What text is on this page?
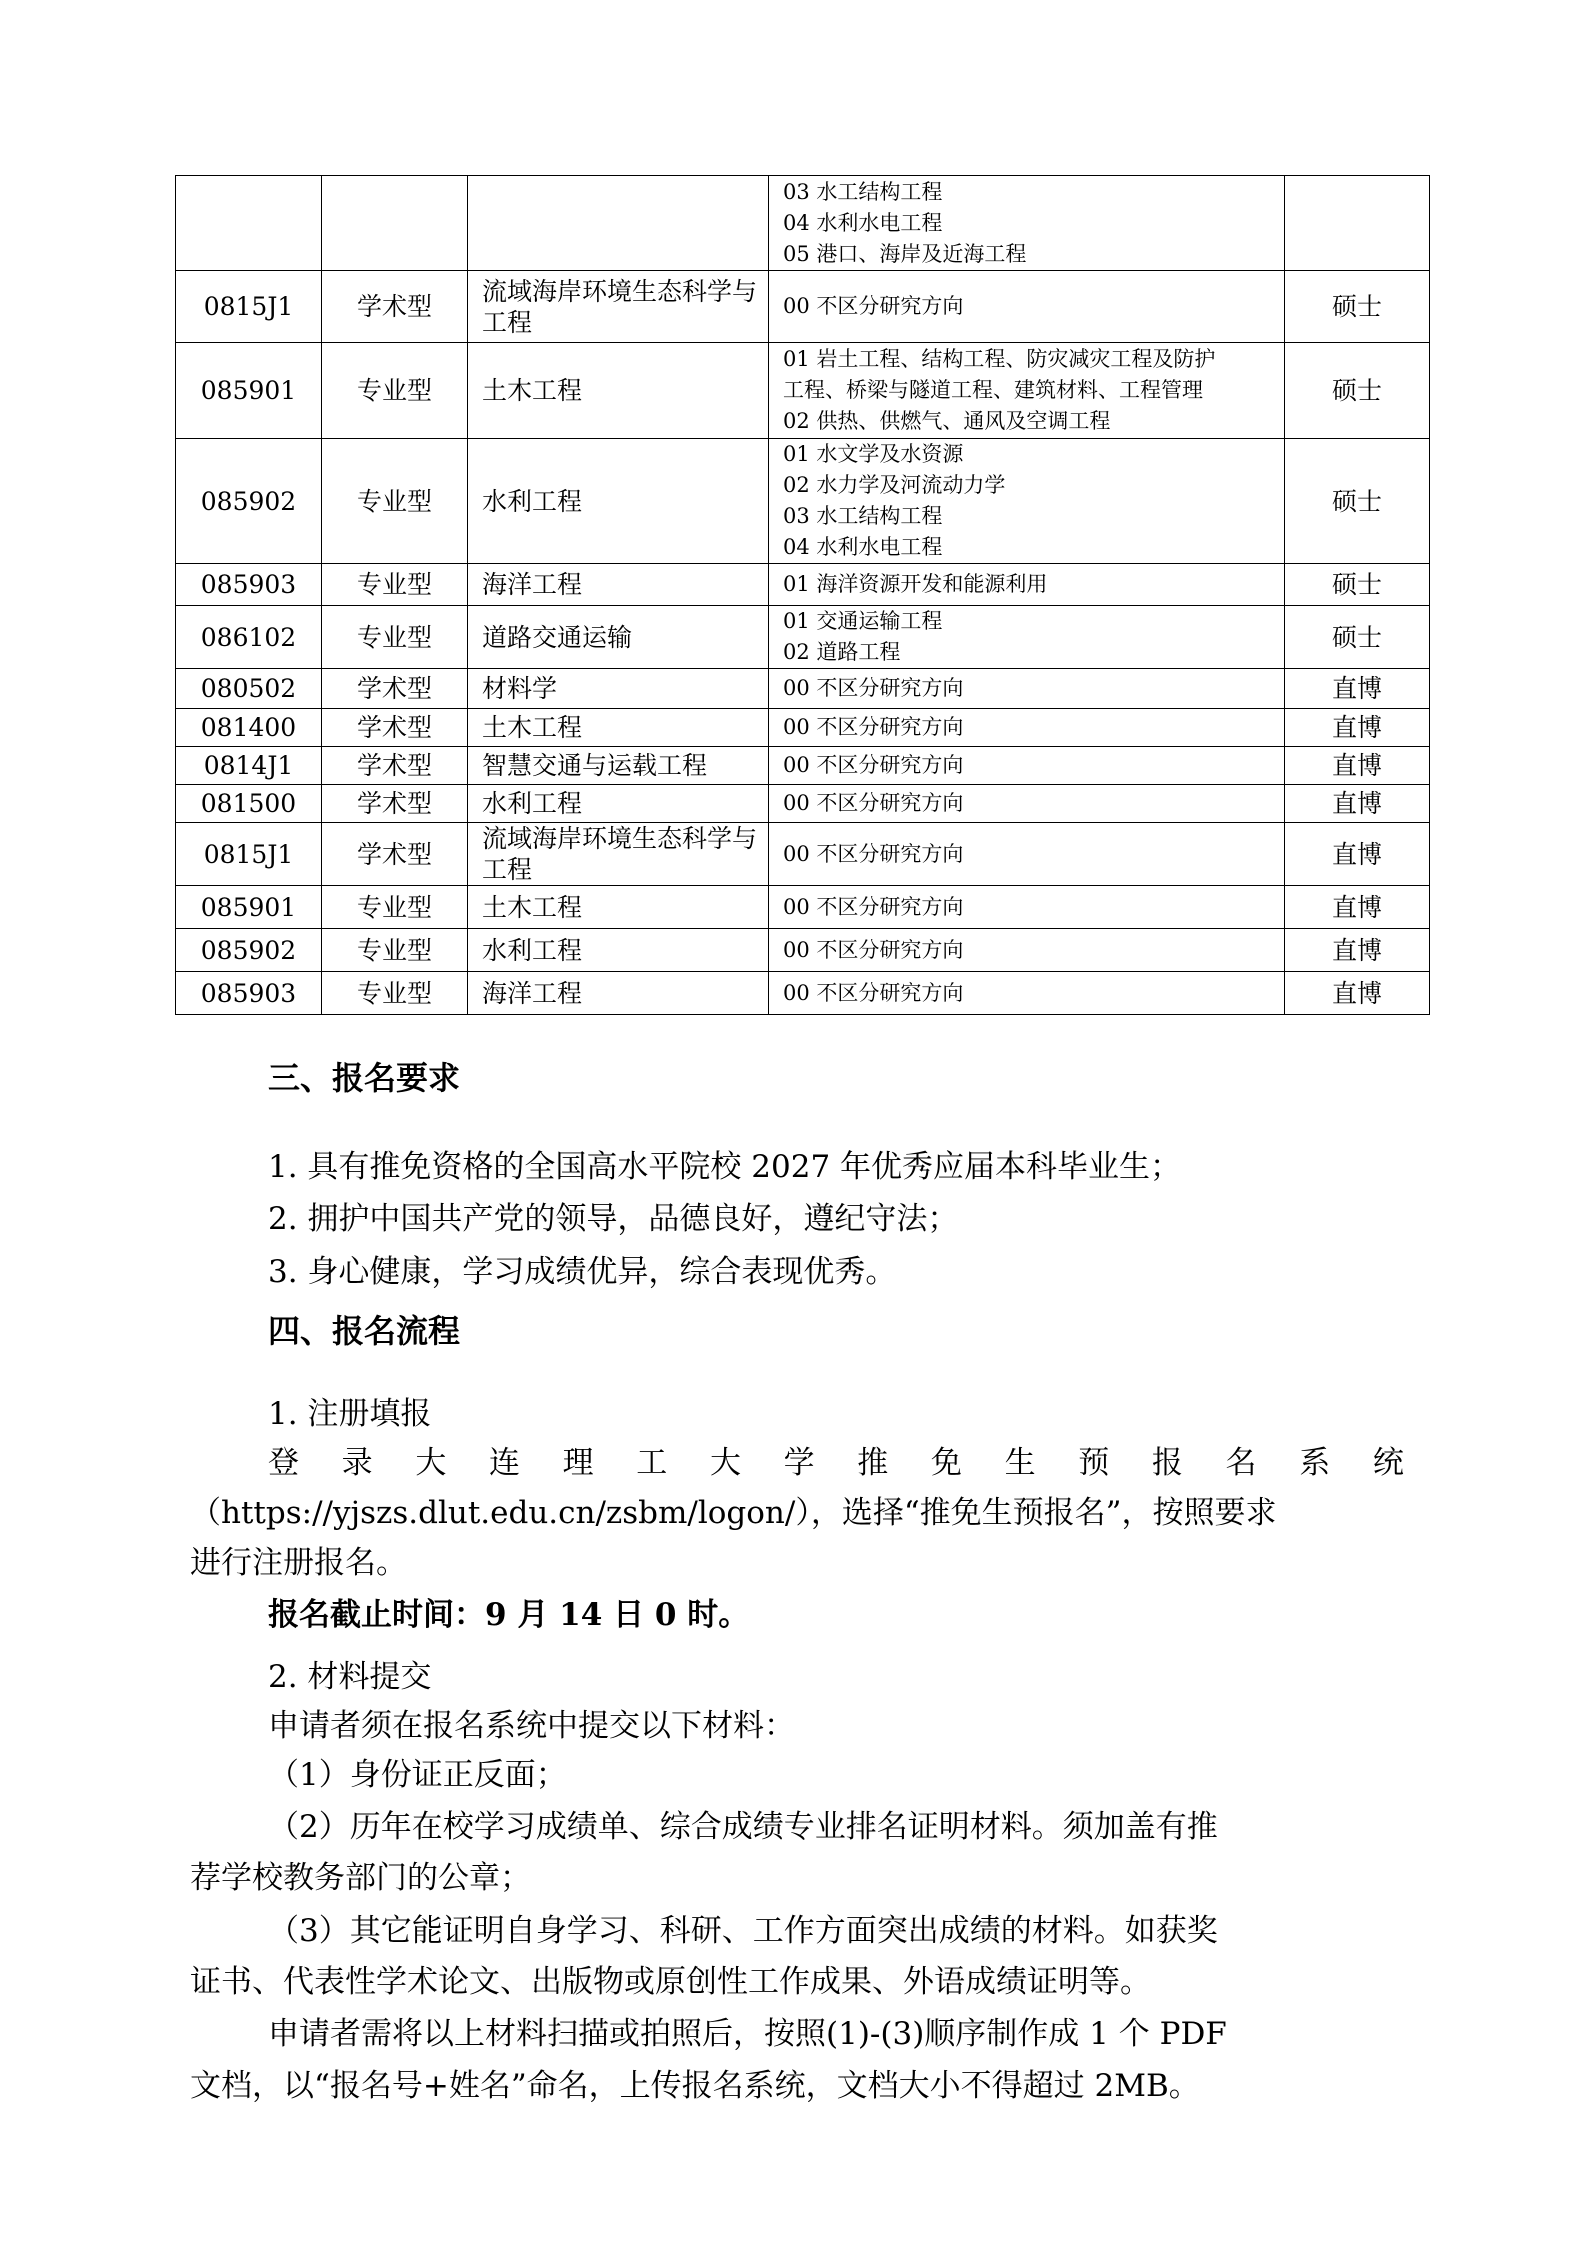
			03 水工结构工程
04 水利水电工程
05 港口、海岸及近海工程	

0815J1	学术型	流域海岸环境生态科学与工程	00 不区分研究方向	硕士
085901	专业型	土木工程	01 岩土工程、结构工程、防灾减灾工程及防护
工程、桥梁与隧道工程、建筑材料、工程管理
02 供热、供燃气、通风及空调工程	硕士
085902	专业型	水利工程	01 水文学及水资源
02 水力学及河流动力学
03 水工结构工程
04 水利水电工程	硕士
085903	专业型	海洋工程	01 海洋资源开发和能源利用	硕士
086102	专业型	道路交通运输	01 交通运输工程
02 道路工程	硕士
080502	学术型	材料学	00 不区分研究方向	直博
081400	学术型	土木工程	00 不区分研究方向	直博
0814J1	学术型	智慧交通与运载工程	00 不区分研究方向	直博
081500	学术型	水利工程	00 不区分研究方向	直博
0815J1	学术型	流域海岸环境生态科学与工程	00 不区分研究方向	直博
085901	专业型	土木工程	00 不区分研究方向	直博
085902	专业型	水利工程	00 不区分研究方向	直博
085903	专业型	海洋工程	00 不区分研究方向	直博
三、报名要求
1. 具有推免资格的全国高水平院校 2027 年优秀应届本科毕业生；
2. 拥护中国共产党的领导，品德良好，遵纪守法；
3. 身心健康，学习成绩优异，综合表现优秀。
四、报名流程
1. 注册填报
登 录 大 连 理 工 大 学 推 免 生 预 报 名 系 统
（https://yjszs.dlut.edu.cn/zsbm/logon/），选择“推免生预报名”，按照要求
进行注册报名。
报名截止时间：9 月 14 日 0 时。
2. 材料提交
申请者须在报名系统中提交以下材料：
（1）身份证正反面；
（2）历年在校学习成绩单、综合成绩专业排名证明材料。须加盖有推
荐学校教务部门的公章；
（3）其它能证明自身学习、科研、工作方面突出成绩的材料。如获奖
证书、代表性学术论文、出版物或原创性工作成果、外语成绩证明等。
申请者需将以上材料扫描或拍照后，按照(1)-(3)顺序制作成 1 个 PDF
文档，以“报名号+姓名”命名，上传报名系统，文档大小不得超过 2MB。
